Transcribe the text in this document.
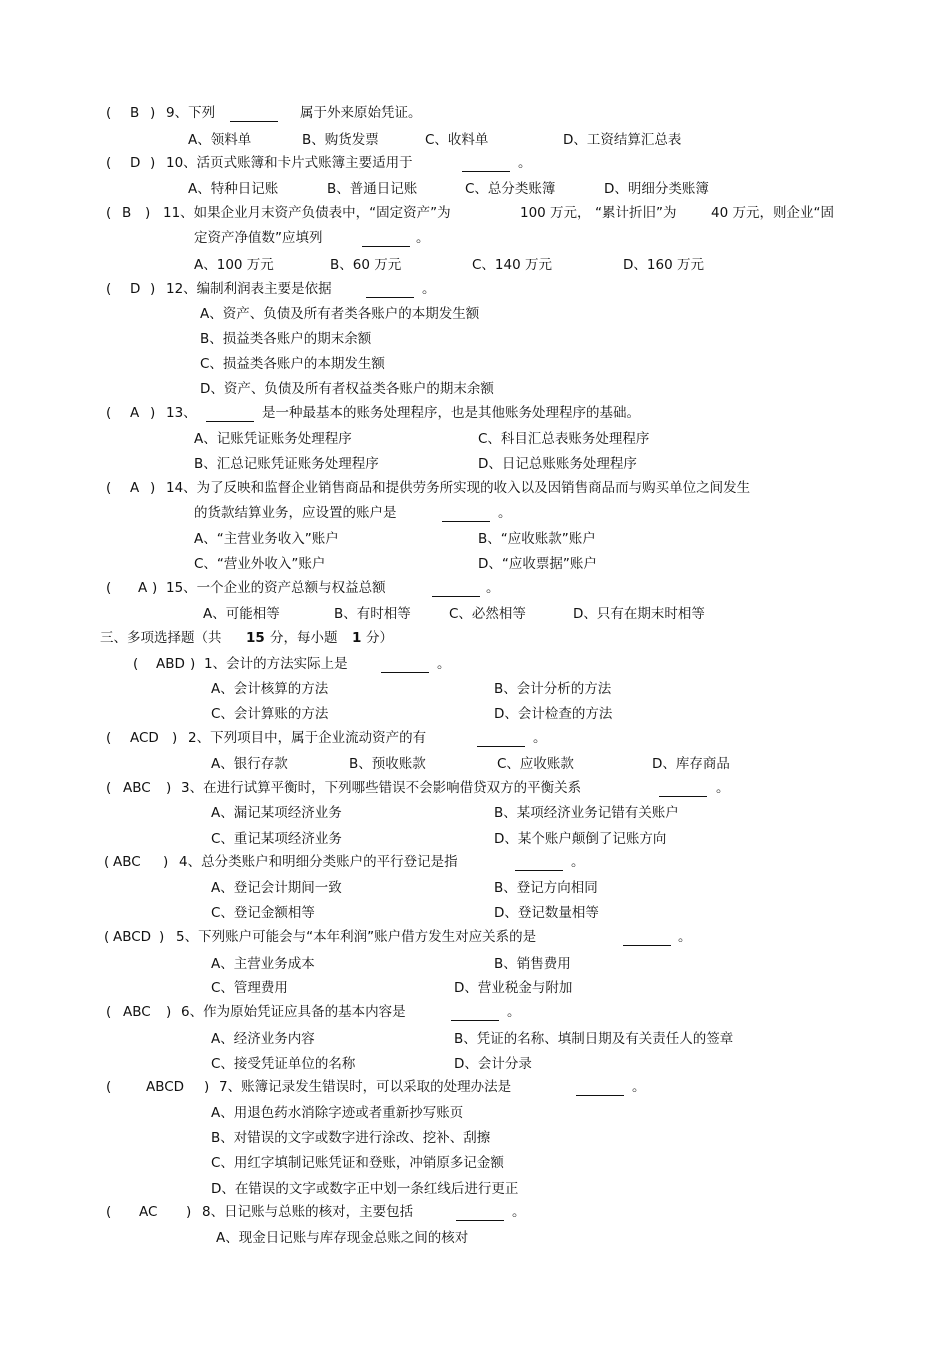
( B ) 9、下列	属于外来原始凭证。
A、领料单	B、购货发票	C、收料单	D、工资结算汇总表
( D ) 10、活页式账簿和卡片式账簿主要适用于	。
A、特种日记账	B、普通日记账	C、总分类账簿	D、明细分类账簿
( B ) 11、如果企业月末资产负债表中，“固定资产”为	100 万元， “累计折旧”为	40 万元，则企业“固
定资产净值数”应填列	。
A、100 万元	B、60 万元	C、140 万元	D、160 万元
( D ) 12、编制利润表主要是依据	。
A、资产、负债及所有者类各账户的本期发生额
B、损益类各账户的期末余额
C、损益类各账户的本期发生额
D、资产、负债及所有者权益类各账户的期末余额
( A ) 13、	是一种最基本的账务处理程序，也是其他账务处理程序的基础。
A、记账凭证账务处理程序	C、科目汇总表账务处理程序
B、汇总记账凭证账务处理程序	D、日记总账账务处理程序
( A ) 14、为了反映和监督企业销售商品和提供劳务所实现的收入以及因销售商品而与购买单位之间发生
的货款结算业务，应设置的账户是	。
A、“主营业务收入”账户	B、“应收账款”账户
C、“营业外收入”账户	D、“应收票据”账户
( A ) 15、一个企业的资产总额与权益总额	。
A、可能相等	B、有时相等	C、必然相等	D、只有在期末时相等
三、多项选择题（共 15 分，每小题 1 分）
( ABD ) 1、会计的方法实际上是	。
A、会计核算的方法	B、会计分析的方法
C、会计算账的方法	D、会计检查的方法
( ACD ) 2、下列项目中，属于企业流动资产的有	。
A、银行存款	B、预收账款	C、应收账款	D、库存商品
( ABC ) 3、在进行试算平衡时，下列哪些错误不会影响借贷双方的平衡关系	。
A、漏记某项经济业务	B、某项经济业务记错有关账户
C、重记某项经济业务	D、某个账户颠倒了记账方向
( ABC ) 4、总分类账户和明细分类账户的平行登记是指	。
A、登记会计期间一致	B、登记方向相同
C、登记金额相等	D、登记数量相等
( ABCD ) 5、下列账户可能会与“本年利润”账户借方发生对应关系的是	。
A、主营业务成本	B、销售费用
C、管理费用	D、营业税金与附加
( ABC ) 6、作为原始凭证应具备的基本内容是	。
A、经济业务内容	B、凭证的名称、填制日期及有关责任人的签章
C、接受凭证单位的名称	D、会计分录
(	ABCD ) 7、账簿记录发生错误时，可以采取的处理办法是	。
A、用退色药水消除字迹或者重新抄写账页
B、对错误的文字或数字进行涂改、挖补、刮擦
C、用红字填制记账凭证和登账，冲销原多记金额
D、在错误的文字或数字正中划一条红线后进行更正
( AC ) 8、日记账与总账的核对，主要包括	。
A、现金日记账与库存现金总账之间的核对
